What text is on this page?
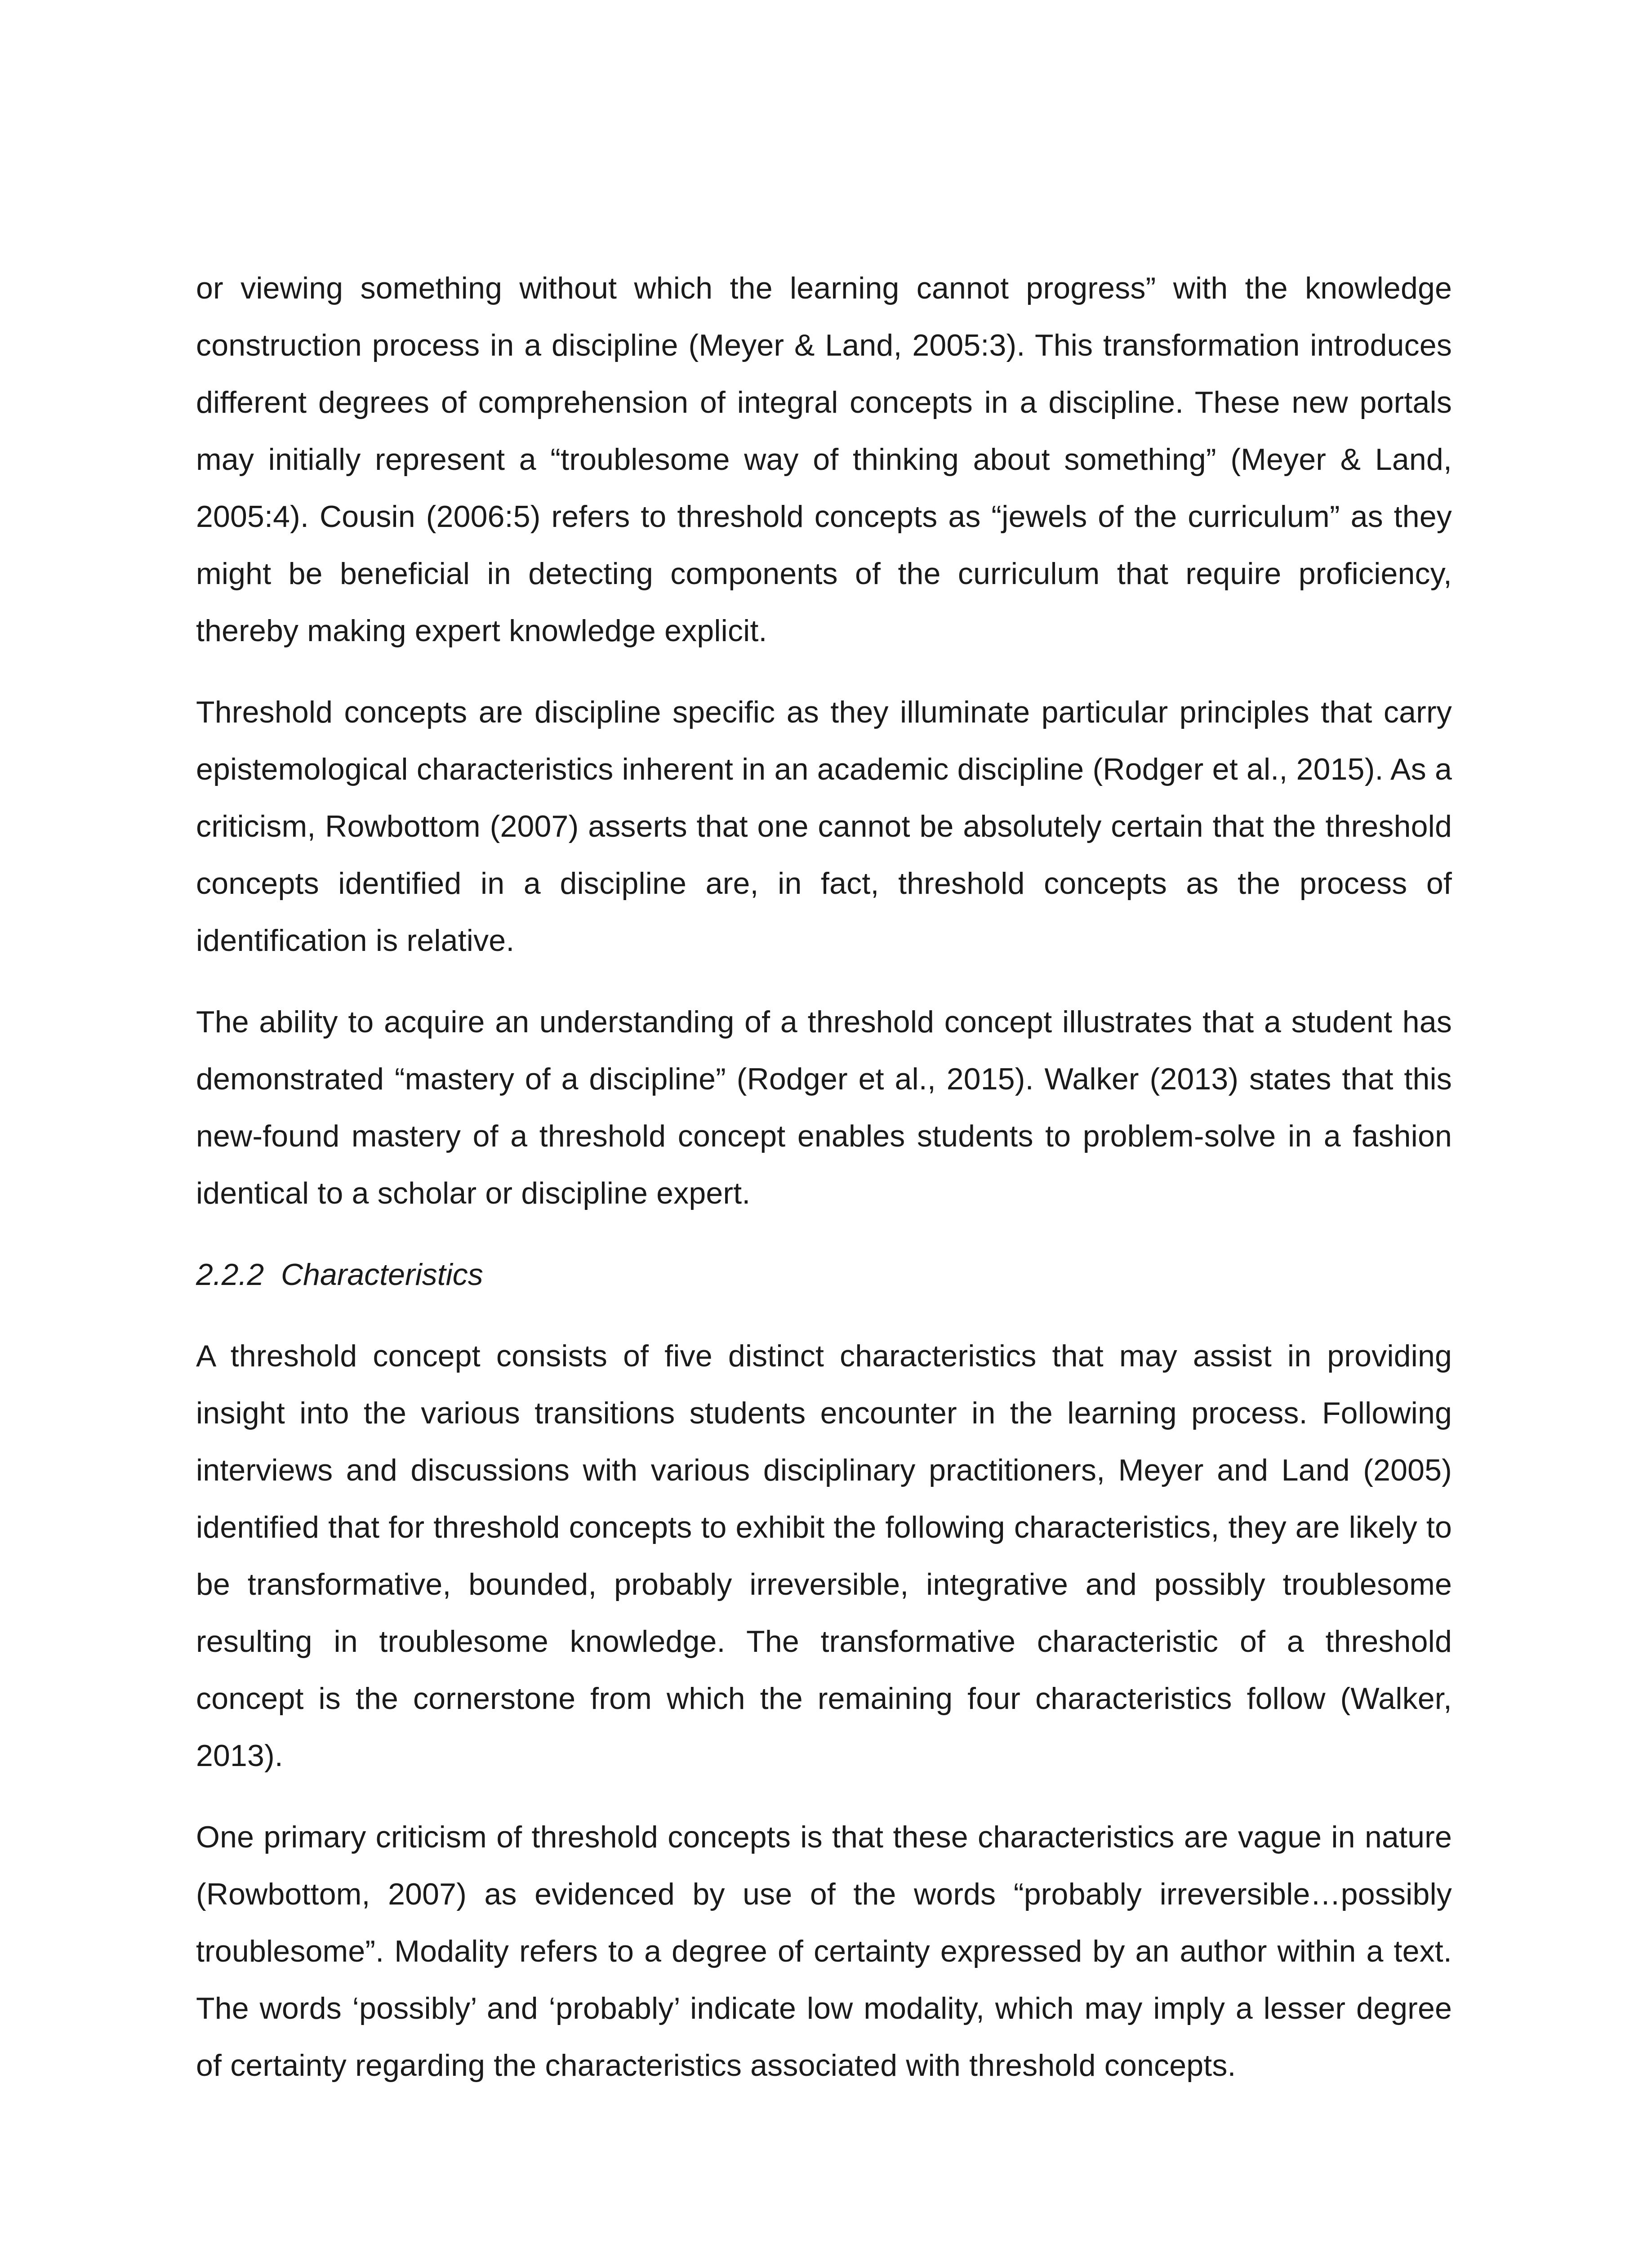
or viewing something without which the learning cannot progress” with the knowledge construction process in a discipline (Meyer & Land, 2005:3). This transformation introduces different degrees of comprehension of integral concepts in a discipline. These new portals may initially represent a “troublesome way of thinking about something” (Meyer & Land, 2005:4). Cousin (2006:5) refers to threshold concepts as “jewels of the curriculum” as they might be beneficial in detecting components of the curriculum that require proficiency, thereby making expert knowledge explicit.

Threshold concepts are discipline specific as they illuminate particular principles that carry epistemological characteristics inherent in an academic discipline (Rodger et al., 2015). As a criticism, Rowbottom (2007) asserts that one cannot be absolutely certain that the threshold concepts identified in a discipline are, in fact, threshold concepts as the process of identification is relative.

The ability to acquire an understanding of a threshold concept illustrates that a student has demonstrated “mastery of a discipline” (Rodger et al., 2015). Walker (2013) states that this new-found mastery of a threshold concept enables students to problem-solve in a fashion identical to a scholar or discipline expert.

2.2.2  Characteristics

A threshold concept consists of five distinct characteristics that may assist in providing insight into the various transitions students encounter in the learning process. Following interviews and discussions with various disciplinary practitioners, Meyer and Land (2005) identified that for threshold concepts to exhibit the following characteristics, they are likely to be transformative, bounded, probably irreversible, integrative and possibly troublesome resulting in troublesome knowledge. The transformative characteristic of a threshold concept is the cornerstone from which the remaining four characteristics follow (Walker, 2013).

One primary criticism of threshold concepts is that these characteristics are vague in nature (Rowbottom, 2007) as evidenced by use of the words “probably irreversible…possibly troublesome”. Modality refers to a degree of certainty expressed by an author within a text. The words ‘possibly’ and ‘probably’ indicate low modality, which may imply a lesser degree of certainty regarding the characteristics associated with threshold concepts.
